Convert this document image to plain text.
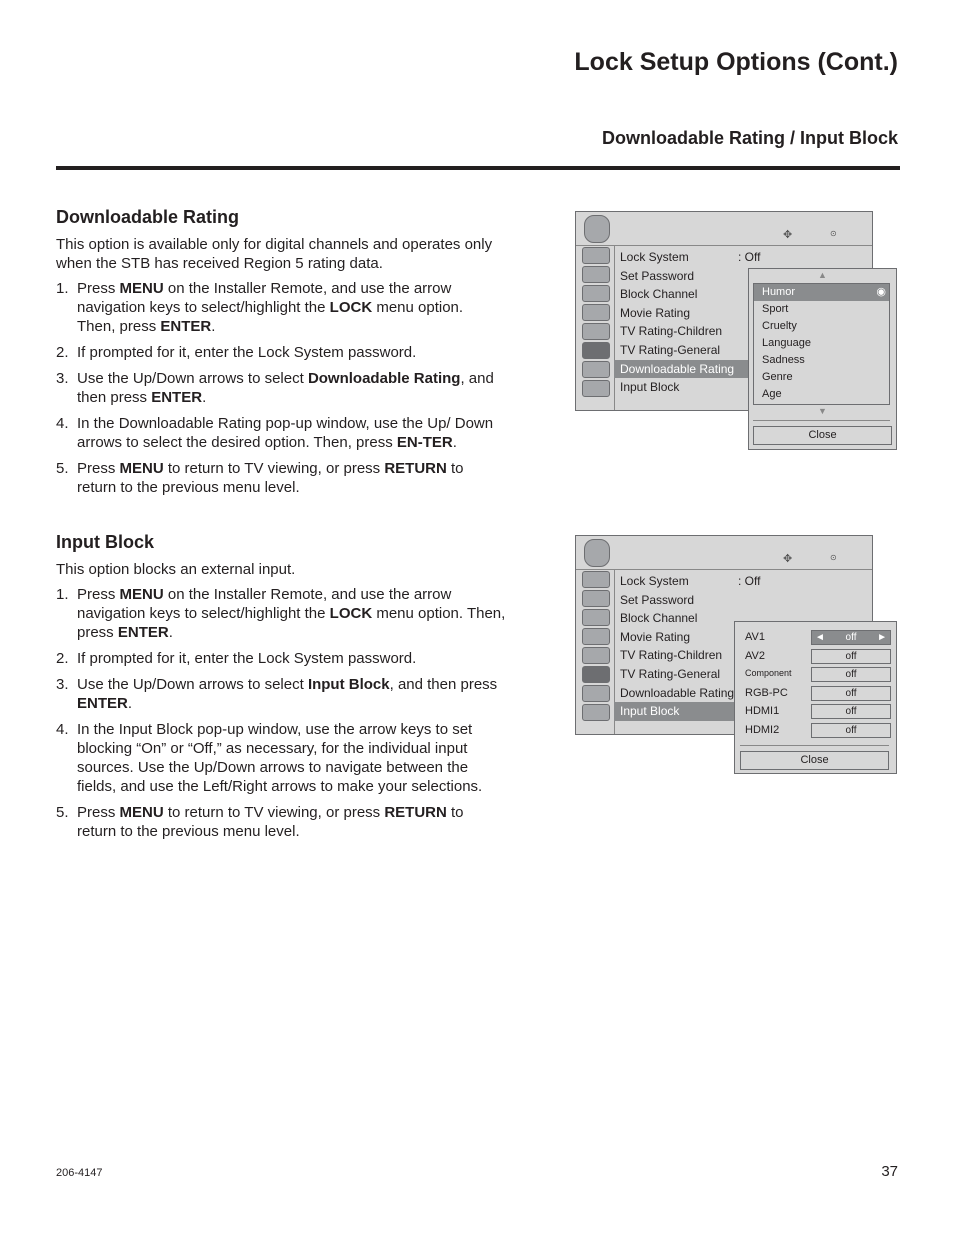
Lock Setup Options (Cont.)
Downloadable Rating / Input Block
Downloadable Rating
This option is available only for digital channels and operates only when the STB has received Region 5 rating data.
1. Press MENU on the Installer Remote, and use the arrow navigation keys to select/highlight the LOCK menu option. Then, press ENTER.
2. If prompted for it, enter the Lock System password.
3. Use the Up/Down arrows to select Downloadable Rating, and then press ENTER.
4. In the Downloadable Rating pop-up window, use the Up/ Down arrows to select the desired option. Then, press EN-TER.
5. Press MENU to return to TV viewing, or press RETURN to return to the previous menu level.
Input Block
This option blocks an external input.
1. Press MENU on the Installer Remote, and use the arrow navigation keys to select/highlight the LOCK menu option. Then, press ENTER.
2. If prompted for it, enter the Lock System password.
3. Use the Up/Down arrows to select Input Block, and then press ENTER.
4. In the Input Block pop-up window, use the arrow keys to set blocking “On” or “Off,” as necessary, for the individual input sources. Use the Up/Down arrows to navigate between the fields, and use the Left/Right arrows to make your selections.
5. Press MENU to return to TV viewing, or press RETURN to return to the previous menu level.
✥	⊙
Lock System	: Off
Set Password
Block Channel
Movie Rating
TV Rating-Children
TV Rating-General
Downloadable Rating
Input Block
▲
Humor	◉
Sport
Cruelty
Language
Sadness
Genre
Age
▼
Close
✥	⊙
Lock System	: Off
Set Password
Block Channel
Movie Rating
TV Rating-Children
TV Rating-General
Downloadable Rating
Input Block
AV1	◄ off ►
AV2	off
Component	off
RGB-PC	off
HDMI1	off
HDMI2	off
Close
206-4147	37
